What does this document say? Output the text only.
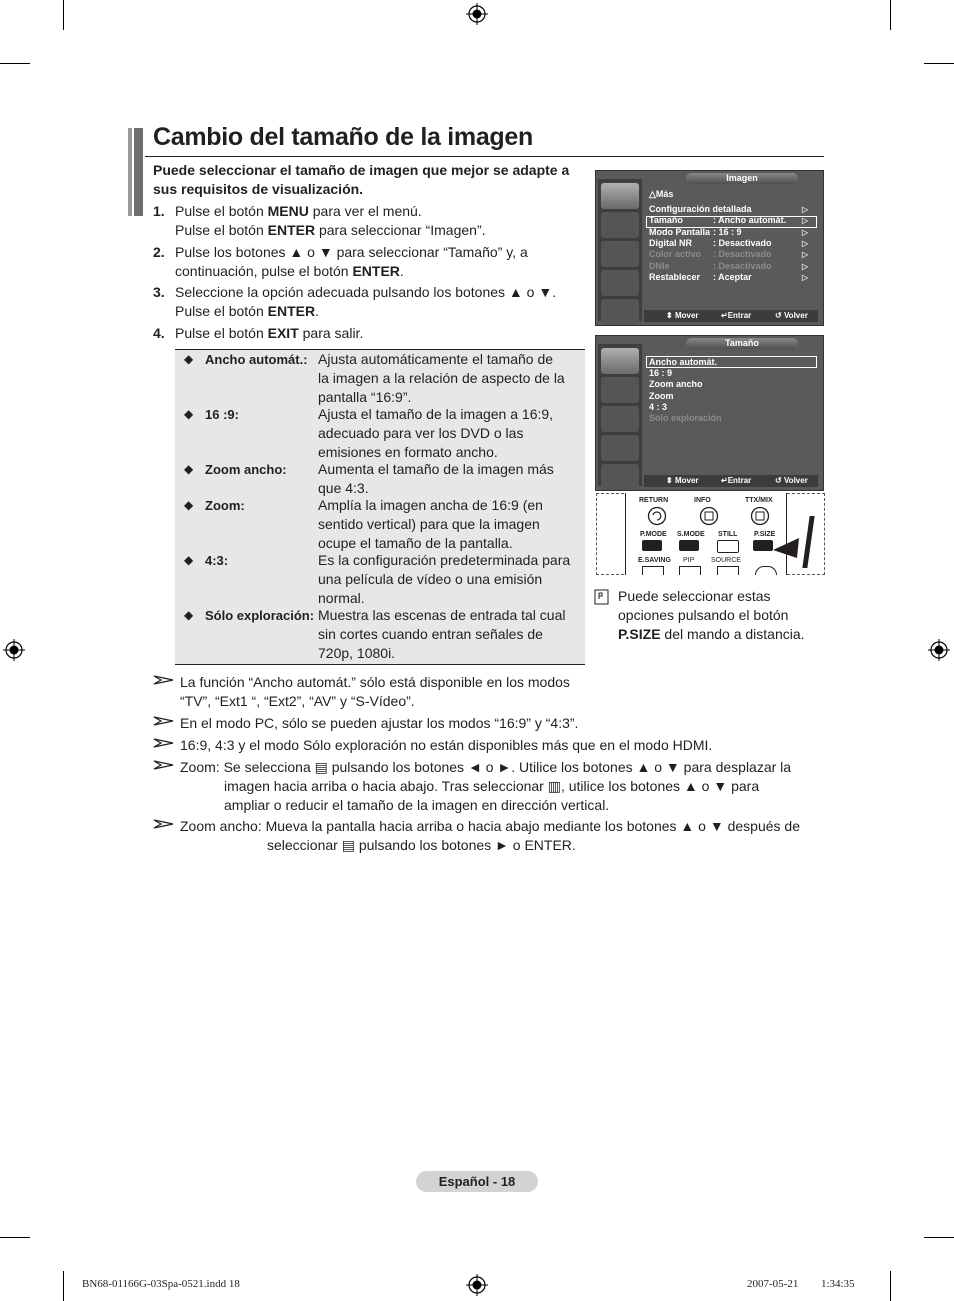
Cambio del tamaño de la imagen
Puede seleccionar el tamaño de imagen que mejor se adapte a sus requisitos de visualización.
1. Pulse el botón MENU para ver el menú.
Pulse el botón ENTER para seleccionar “Imagen”.
2. Pulse los botones ▲ o ▼ para seleccionar “Tamaño” y, a
continuación, pulse el botón ENTER.
3. Seleccione la opción adecuada pulsando los botones ▲ o ▼.
Pulse el botón ENTER.
4. Pulse el botón EXIT para salir.
◆ Ancho automát.: Ajusta automáticamente el tamaño de
la imagen a la relación de aspecto de la
pantalla “16:9”.
◆ 16 :9:	Ajusta el tamaño de la imagen a 16:9,
adecuado para ver los DVD o las
emisiones en formato ancho.
◆ Zoom ancho: Aumenta el tamaño de la imagen más
que 4:3.
◆ Zoom:	Amplía la imagen ancha de 16:9 (en
sentido vertical) para que la imagen
ocupe el tamaño de la pantalla.
◆ 4:3:	Es la configuración predeterminada para
una película de vídeo o una emisión
normal.
◆ Sólo exploración: Muestra las escenas de entrada tal cual
sin cortes cuando entran señales de
720p, 1080i.
La función “Ancho automát.” sólo está disponible en los modos
“TV”, “Ext1 “, “Ext2”, “AV” y “S-Vídeo”.
En el modo PC, sólo se pueden ajustar los modos “16:9” y “4:3”.
16:9, 4:3 y el modo Sólo exploración no están disponibles más que en el modo HDMI.
Zoom: Se selecciona ▤ pulsando los botones ◄ o ►. Utilice los botones ▲ o ▼ para desplazar la
imagen hacia arriba o hacia abajo. Tras seleccionar ▥, utilice los botones ▲ o ▼ para
ampliar o reducir el tamaño de la imagen en dirección vertical.
Zoom ancho: Mueva la pantalla hacia arriba o hacia abajo mediante los botones ▲ o ▼ después de
seleccionar ▤ pulsando los botones ► o ENTER.
Imagen
△Más
Configuración detallada	▷
Tamaño	: Ancho automát. ▷
Modo Pantalla : 16 : 9	▷
Digital NR : Desactivado	▷
Color activo : Desactivado	▷
DNIe	: Desactivado	▷
Restablecer : Aceptar	▷
⬍ Mover	↵Entrar	↺ Volver
Tamaño
Ancho automát.
16 : 9
Zoom ancho
Zoom
4 : 3
Sólo exploración
⬍ Mover	↵Entrar	↺ Volver
RETURN	INFO	TTX/MIX
P.MODE S.MODE STILL P.SIZE
E.SAVING PIP SOURCE
Puede seleccionar estas
opciones pulsando el botón
P.SIZE del mando a distancia.
Español - 18
BN68-01166G-03Spa-0521.indd 18	2007-05-21 ￿￿ 1:34:35
